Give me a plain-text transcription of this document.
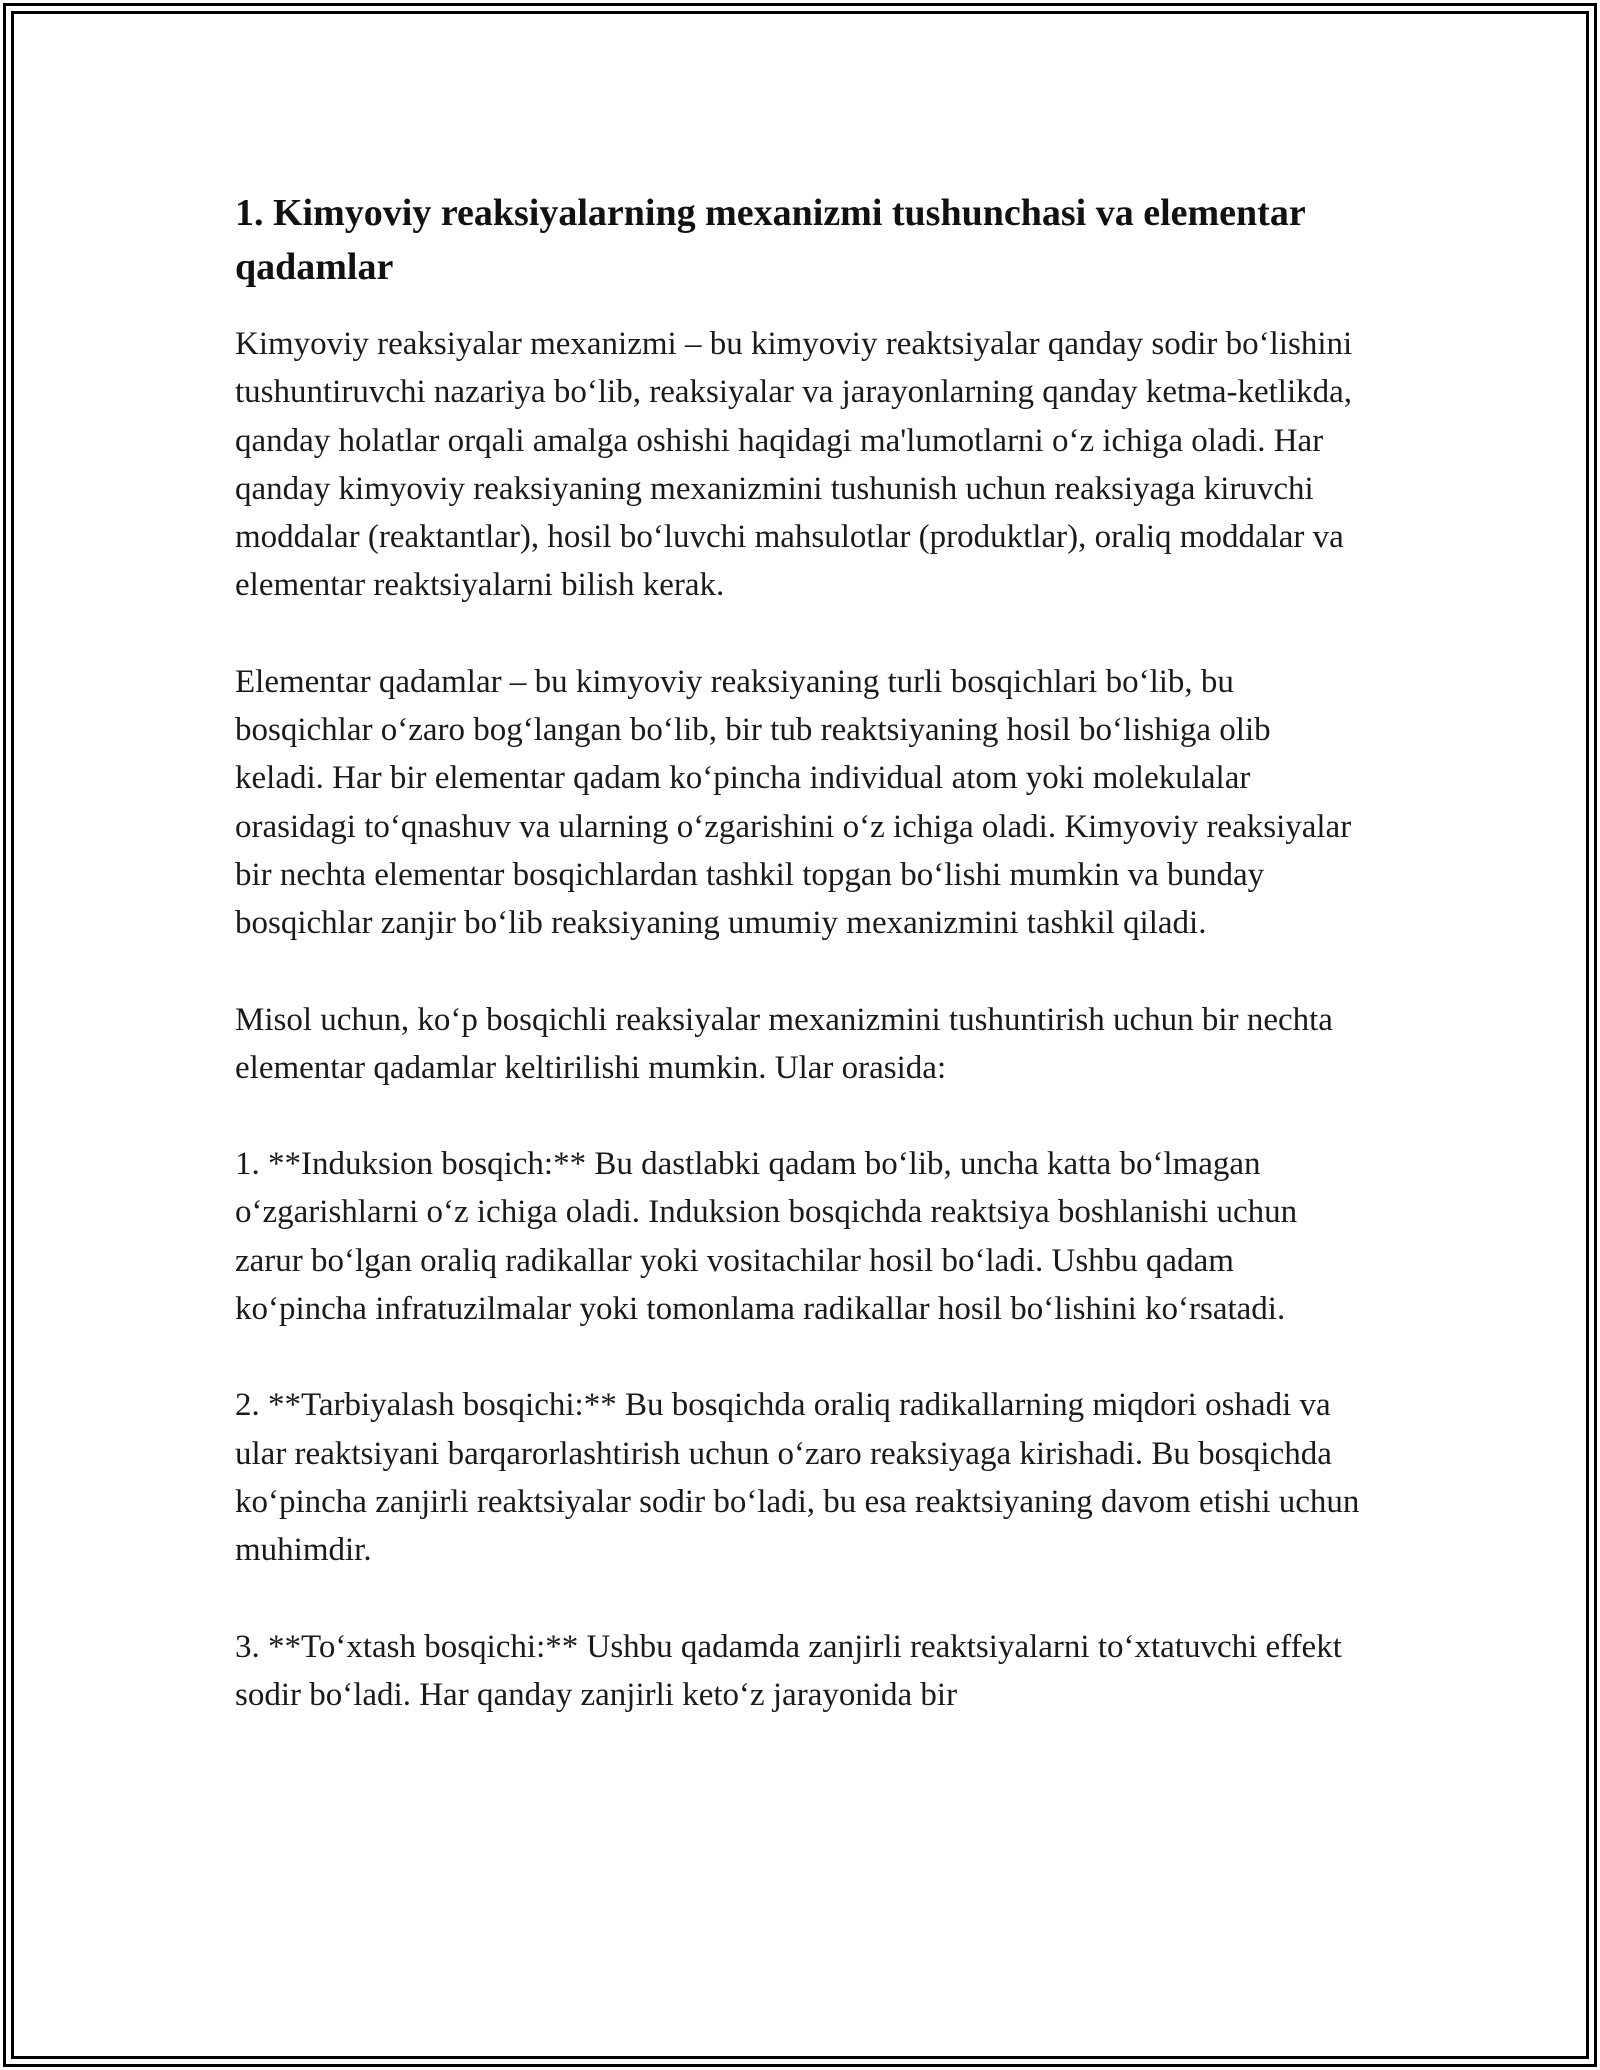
1. Kimyoviy reaksiyalarning mexanizmi tushunchasi va elementar qadamlar

Kimyoviy reaksiyalar mexanizmi – bu kimyoviy reaktsiyalar qanday sodir bo‘lishini tushuntiruvchi nazariya bo‘lib, reaksiyalar va jarayonlarning qanday ketma-ketlikda, qanday holatlar orqali amalga oshishi haqidagi ma'lumotlarni o‘z ichiga oladi. Har qanday kimyoviy reaksiyaning mexanizmini tushunish uchun reaksiyaga kiruvchi moddalar (reaktantlar), hosil bo‘luvchi mahsulotlar (produktlar), oraliq moddalar va elementar reaktsiyalarni bilish kerak.

Elementar qadamlar – bu kimyoviy reaksiyaning turli bosqichlari bo‘lib, bu bosqichlar o‘zaro bog‘langan bo‘lib, bir tub reaktsiyaning hosil bo‘lishiga olib keladi. Har bir elementar qadam ko‘pincha individual atom yoki molekulalar orasidagi to‘qnashuv va ularning o‘zgarishini o‘z ichiga oladi. Kimyoviy reaksiyalar bir nechta elementar bosqichlardan tashkil topgan bo‘lishi mumkin va bunday bosqichlar zanjir bo‘lib reaksiyaning umumiy mexanizmini tashkil qiladi.

Misol uchun, ko‘p bosqichli reaksiyalar mexanizmini tushuntirish uchun bir nechta elementar qadamlar keltirilishi mumkin. Ular orasida:

1. **Induksion bosqich:** Bu dastlabki qadam bo‘lib, uncha katta bo‘lmagan o‘zgarishlarni o‘z ichiga oladi. Induksion bosqichda reaktsiya boshlanishi uchun zarur bo‘lgan oraliq radikallar yoki vositachilar hosil bo‘ladi. Ushbu qadam ko‘pincha infratuzilmalar yoki tomonlama radikallar hosil bo‘lishini ko‘rsatadi.

2. **Tarbiyalash bosqichi:** Bu bosqichda oraliq radikallarning miqdori oshadi va ular reaktsiyani barqarorlashtirish uchun o‘zaro reaksiyaga kirishadi. Bu bosqichda ko‘pincha zanjirli reaktsiyalar sodir bo‘ladi, bu esa reaktsiyaning davom etishi uchun muhimdir.

3. **To‘xtash bosqichi:** Ushbu qadamda zanjirli reaktsiyalarni to‘xtatuvchi effekt sodir bo‘ladi. Har qanday zanjirli keto‘z jarayonida bir
